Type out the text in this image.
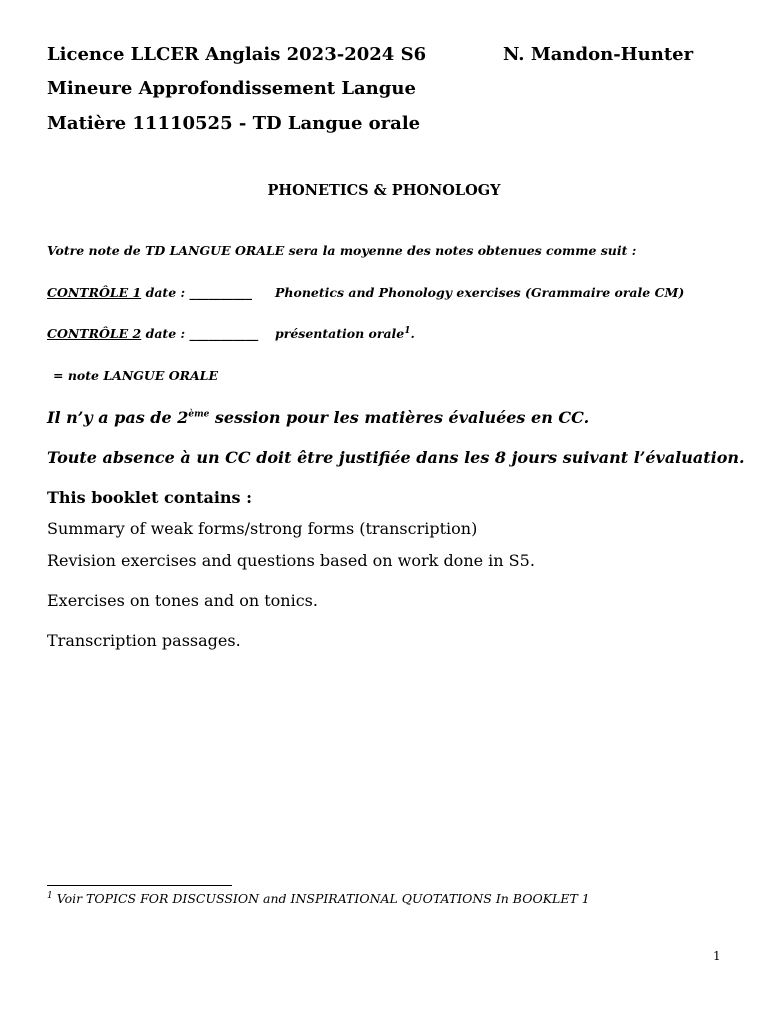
Licence LLCER Anglais 2023-2024 S6	N. Mandon-Hunter
Mineure Approfondissement Langue
Matière 11110525 - TD Langue orale
PHONETICS & PHONOLOGY
Votre note de TD LANGUE ORALE sera la moyenne des notes obtenues comme suit :
CONTRÔLE 1 date : __________ Phonetics and Phonology exercises (Grammaire orale CM)
CONTRÔLE 2 date : ___________ présentation orale$^1$.
= note LANGUE ORALE
Il n’y a pas de 2ème session pour les matières évaluées en CC.
Toute absence à un CC doit être justifiée dans les 8 jours suivant l’évaluation.
This booklet contains :
Summary of weak forms/strong forms (transcription)
Revision exercises and questions based on work done in S5.
Exercises on tones and on tonics.
Transcription passages.
$^1$ Voir TOPICS FOR DISCUSSION and INSPIRATIONAL QUOTATIONS In BOOKLET 1
1
